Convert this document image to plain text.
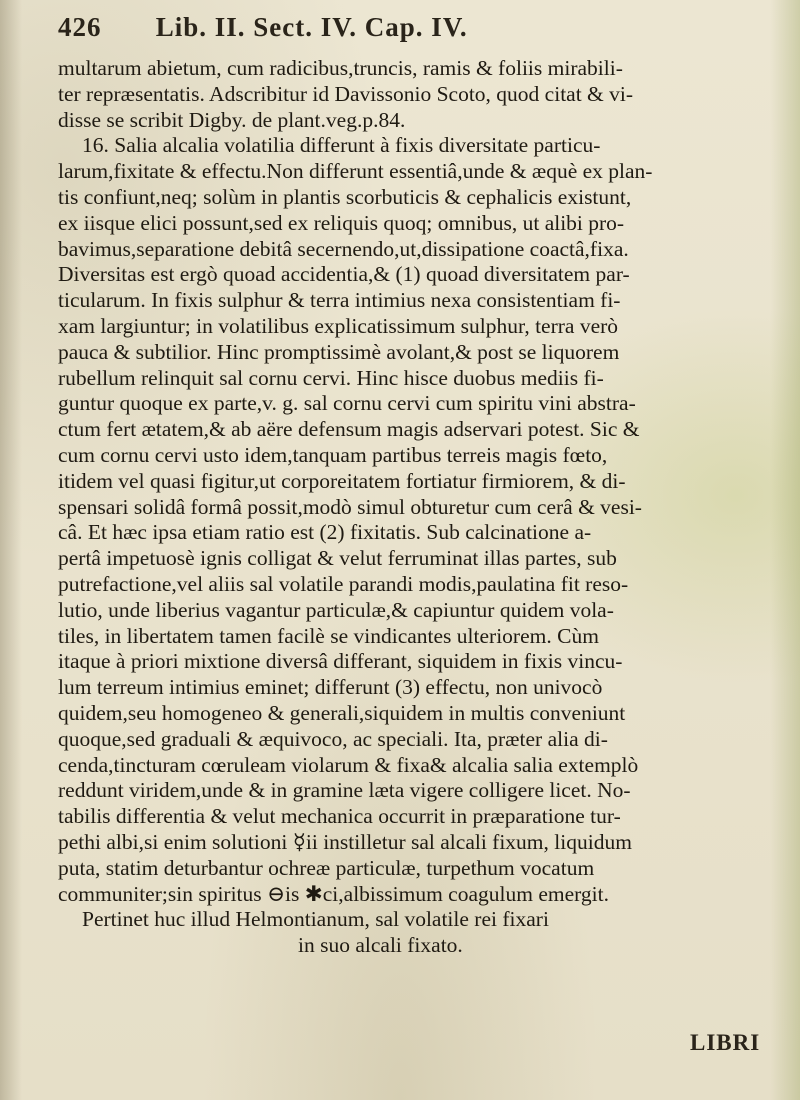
426 Lib. II. Sect. IV. Cap. IV.
multarum abietum, cum radicibus,truncis, ramis & foliis mirabili-
ter repræsentatis. Adscribitur id Davissonio Scoto, quod citat & vi-
disse se scribit Digby. de plant.veg.p.84.
16. Salia alcalia volatilia differunt à fixis diversitate particu-
larum,fixitate & effectu.Non differunt essentiâ,unde & æquè ex plan-
tis confiunt,neq; solùm in plantis scorbuticis & cephalicis existunt,
ex iisque elici possunt,sed ex reliquis quoq; omnibus, ut alibi pro-
bavimus,separatione debitâ secernendo,ut,dissipatione coactâ,fixa.
Diversitas est ergò quoad accidentia,& (1) quoad diversitatem par-
ticularum. In fixis sulphur & terra intimius nexa consistentiam fi-
xam largiuntur; in volatilibus explicatissimum sulphur, terra verò
pauca & subtilior. Hinc promptissimè avolant,& post se liquorem
rubellum relinquit sal cornu cervi. Hinc hisce duobus mediis fi-
guntur quoque ex parte,v. g. sal cornu cervi cum spiritu vini abstra-
ctum fert ætatem,& ab aëre defensum magis adservari potest. Sic &
cum cornu cervi usto idem,tanquam partibus terreis magis fœto,
itidem vel quasi figitur,ut corporeitatem fortiatur firmiorem, & di-
spensari solidâ formâ possit,modò simul obturetur cum cerâ & vesi-
câ. Et hæc ipsa etiam ratio est (2) fixitatis. Sub calcinatione a-
pertâ impetuosè ignis colligat & velut ferruminat illas partes, sub
putrefactione,vel aliis sal volatile parandi modis,paulatina fit reso-
lutio, unde liberius vagantur particulæ,& capiuntur quidem vola-
tiles, in libertatem tamen facilè se vindicantes ulteriorem. Cùm
itaque à priori mixtione diversâ differant, siquidem in fixis vincu-
lum terreum intimius eminet; differunt (3) effectu, non univocò
quidem,seu homogeneo & generali,siquidem in multis conveniunt
quoque,sed graduali & æquivoco, ac speciali. Ita, præter alia di-
cenda,tincturam cœruleam violarum & fixa& alcalia salia extemplò
reddunt viridem,unde & in gramine læta vigere colligere licet. No-
tabilis differentia & velut mechanica occurrit in præparatione tur-
pethi albi,si enim solutioni ☿ii instilletur sal alcali fixum, liquidum
puta, statim deturbantur ochreæ particulæ, turpethum vocatum
communiter;sin spiritus ⊖is ✱ci,albissimum coagulum emergit.
Pertinet huc illud Helmontianum, sal volatile rei fixari
in suo alcali fixato.
LIBRI
